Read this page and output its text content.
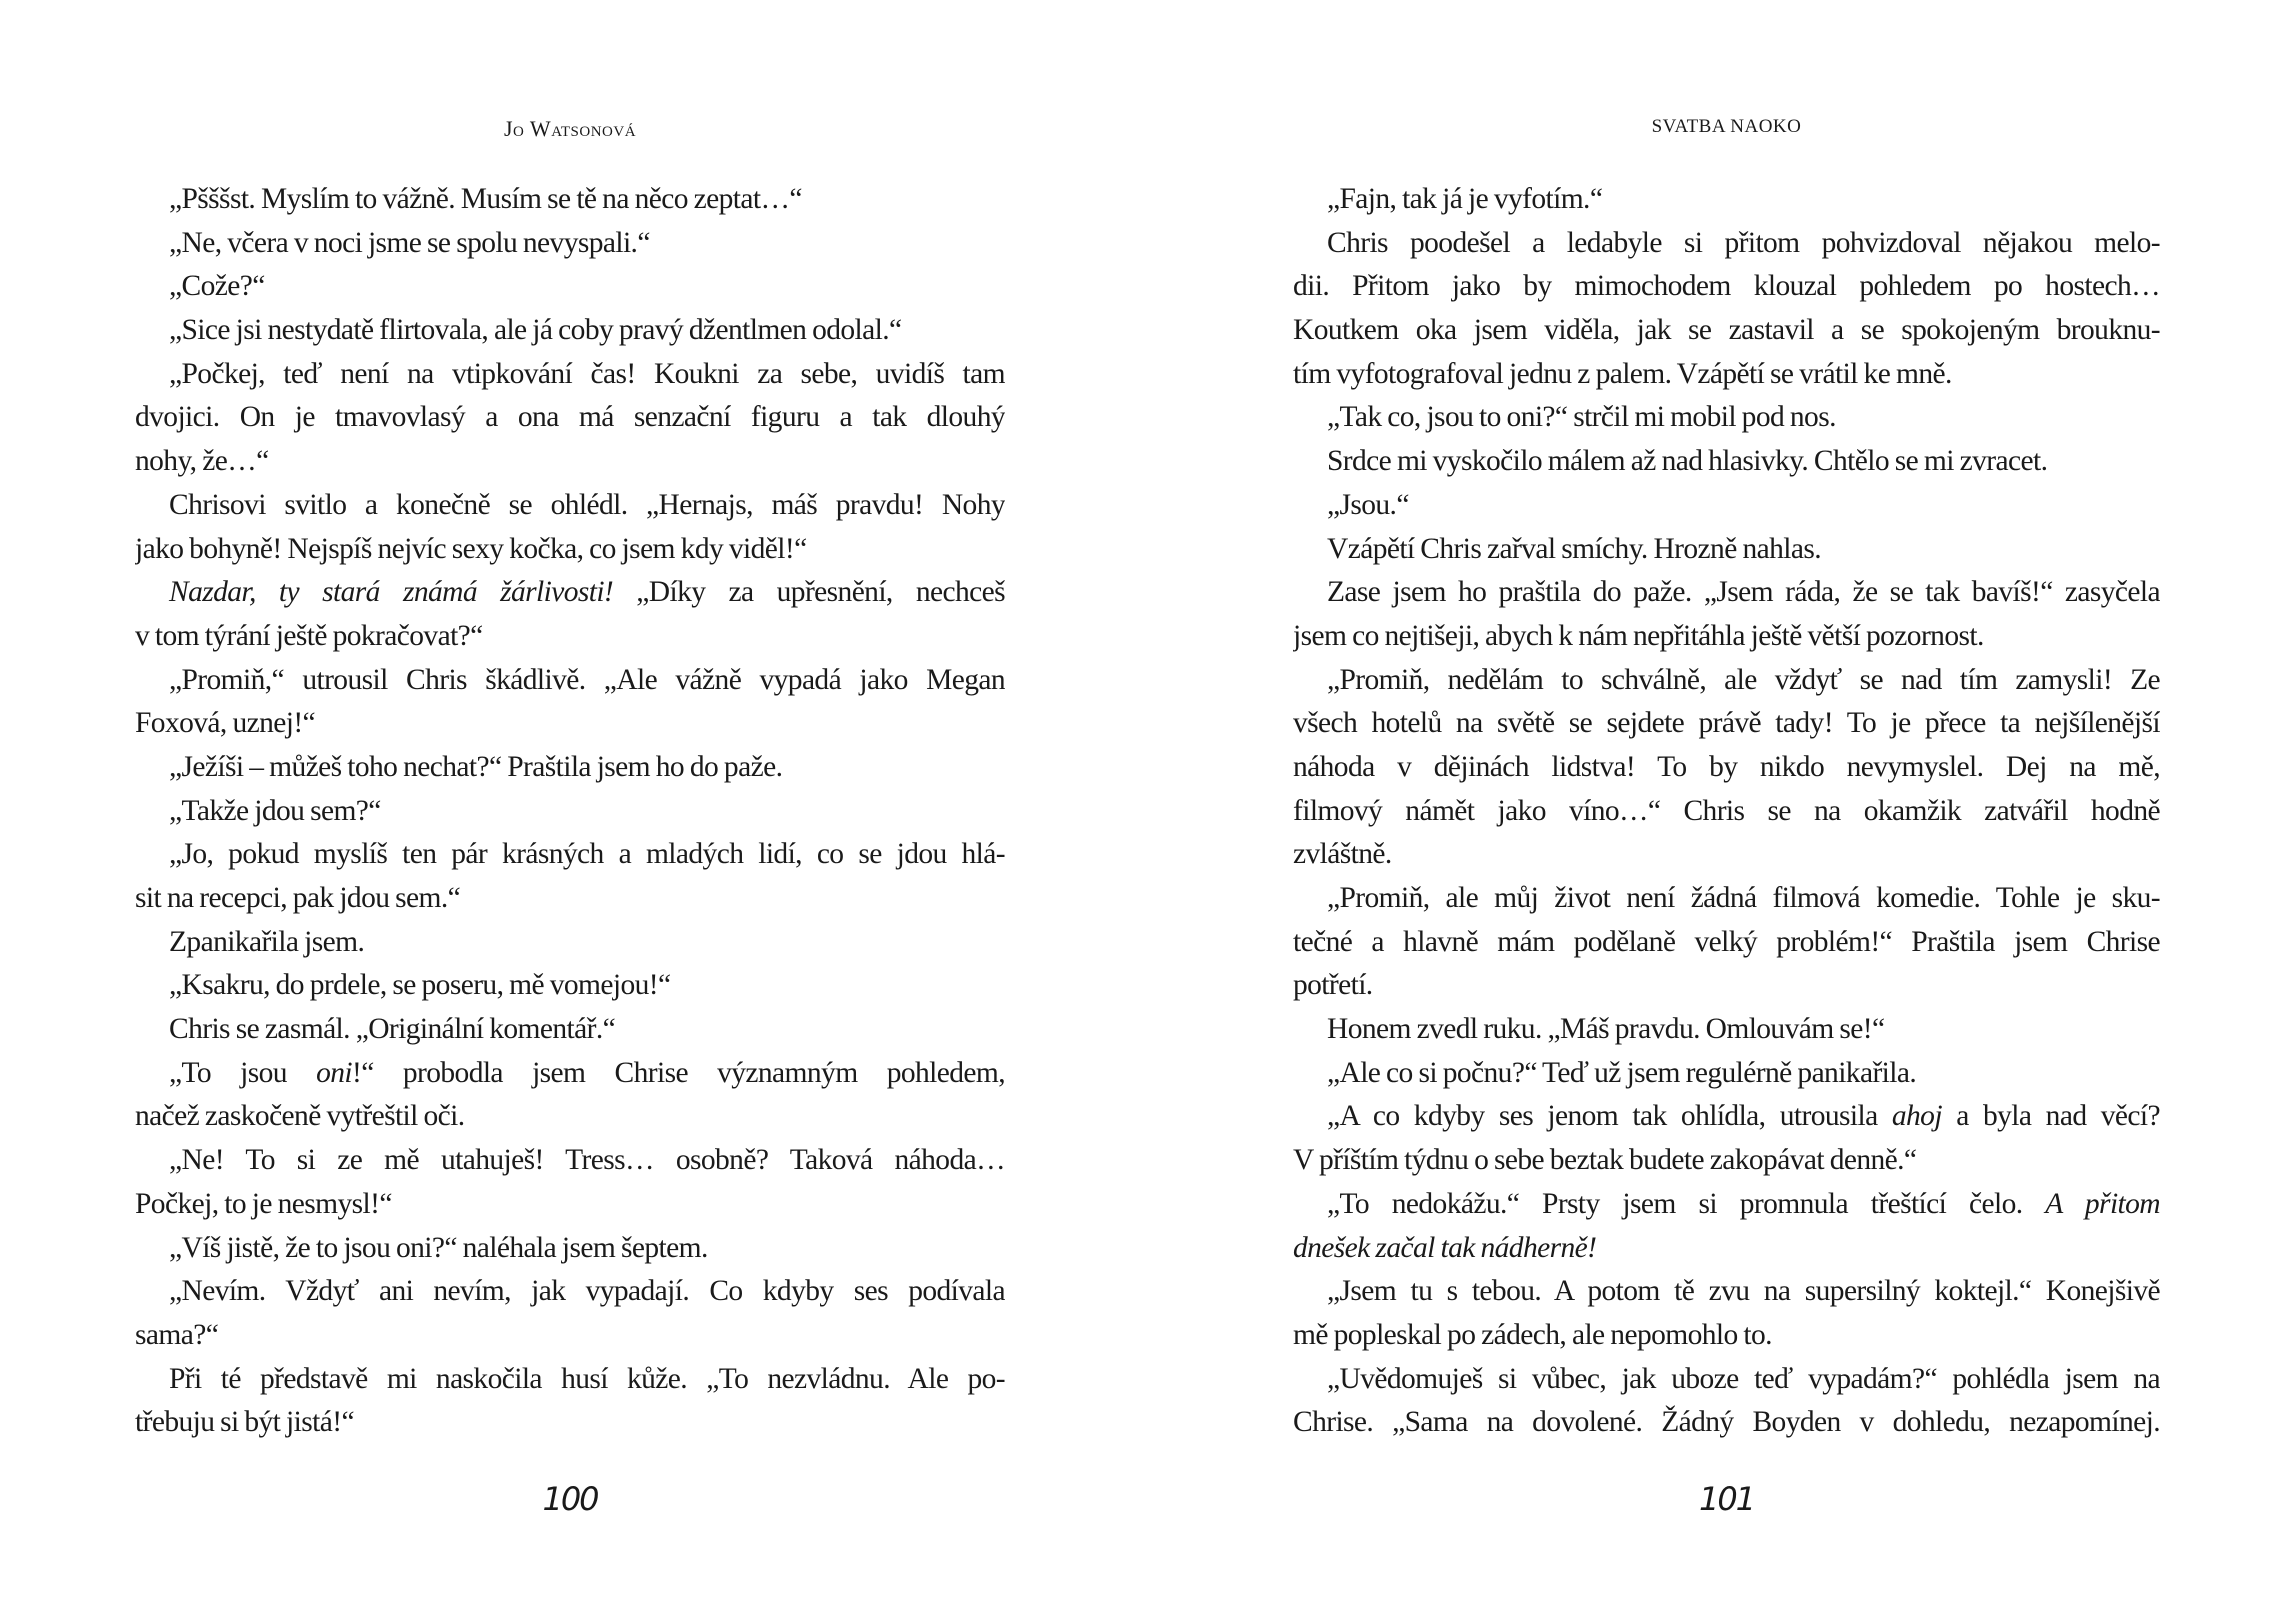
Jo Watsonová
„Pšššst. Myslím to vážně. Musím se tě na něco zeptat…“
„Ne, včera v noci jsme se spolu nevyspali.“
„Cože?“
„Sice jsi nestydatě flirtovala, ale já coby pravý džentlmen odolal.“
„Počkej, teď není na vtipkování čas! Koukni za sebe, uvidíš tam
dvojici. On je tmavovlasý a ona má senzační figuru a tak dlouhý
nohy, že…“
Chrisovi svitlo a konečně se ohlédl. „Hernajs, máš pravdu! Nohy
jako bohyně! Nejspíš nejvíc sexy kočka, co jsem kdy viděl!“
Nazdar, ty stará známá žárlivosti! „Díky za upřesnění, nechceš
v tom týrání ještě pokračovat?“
„Promiň,“ utrousil Chris škádlivě. „Ale vážně vypadá jako Megan
Foxová, uznej!“
„Ježíši – můžeš toho nechat?“ Praštila jsem ho do paže.
„Takže jdou sem?“
„Jo, pokud myslíš ten pár krásných a mladých lidí, co se jdou hlá-
sit na recepci, pak jdou sem.“
Zpanikařila jsem.
„Ksakru, do prdele, se poseru, mě vomejou!“
Chris se zasmál. „Originální komentář.“
„To jsou oni!“ probodla jsem Chrise významným pohledem,
načež zaskočeně vytřeštil oči.
„Ne! To si ze mě utahuješ! Tress… osobně? Taková náhoda…
Počkej, to je nesmysl!“
„Víš jistě, že to jsou oni?“ naléhala jsem šeptem.
„Nevím. Vždyť ani nevím, jak vypadají. Co kdyby ses podívala
sama?“
Při té představě mi naskočila husí kůže. „To nezvládnu. Ale po-
třebuju si být jistá!“
100
SVATBA NAOKO
„Fajn, tak já je vyfotím.“
Chris poodešel a ledabyle si přitom pohvizdoval nějakou melo-
dii. Přitom jako by mimochodem klouzal pohledem po hostech…
Koutkem oka jsem viděla, jak se zastavil a se spokojeným brouknu-
tím vyfotografoval jednu z palem. Vzápětí se vrátil ke mně.
„Tak co, jsou to oni?“ strčil mi mobil pod nos.
Srdce mi vyskočilo málem až nad hlasivky. Chtělo se mi zvracet.
„Jsou.“
Vzápětí Chris zařval smíchy. Hrozně nahlas.
Zase jsem ho praštila do paže. „Jsem ráda, že se tak bavíš!“ zasyčela
jsem co nejtišeji, abych k nám nepřitáhla ještě větší pozornost.
„Promiň, nedělám to schválně, ale vždyť se nad tím zamysli! Ze
všech hotelů na světě se sejdete právě tady! To je přece ta nejšílenější
náhoda v dějinách lidstva! To by nikdo nevymyslel. Dej na mě,
filmový námět jako víno…“ Chris se na okamžik zatvářil hodně
zvláštně.
„Promiň, ale můj život není žádná filmová komedie. Tohle je sku-
tečné a hlavně mám podělaně velký problém!“ Praštila jsem Chrise
potřetí.
Honem zvedl ruku. „Máš pravdu. Omlouvám se!“
„Ale co si počnu?“ Teď už jsem regulérně panikařila.
„A co kdyby ses jenom tak ohlídla, utrousila ahoj a byla nad věcí?
V příštím týdnu o sebe beztak budete zakopávat denně.“
„To nedokážu.“ Prsty jsem si promnula třeštící čelo. A přitom
dnešek začal tak nádherně!
„Jsem tu s tebou. A potom tě zvu na supersilný koktejl.“ Konejšivě
mě popleskal po zádech, ale nepomohlo to.
„Uvědomuješ si vůbec, jak uboze teď vypadám?“ pohlédla jsem na
Chrise. „Sama na dovolené. Žádný Boyden v dohledu, nezapomínej.
101
